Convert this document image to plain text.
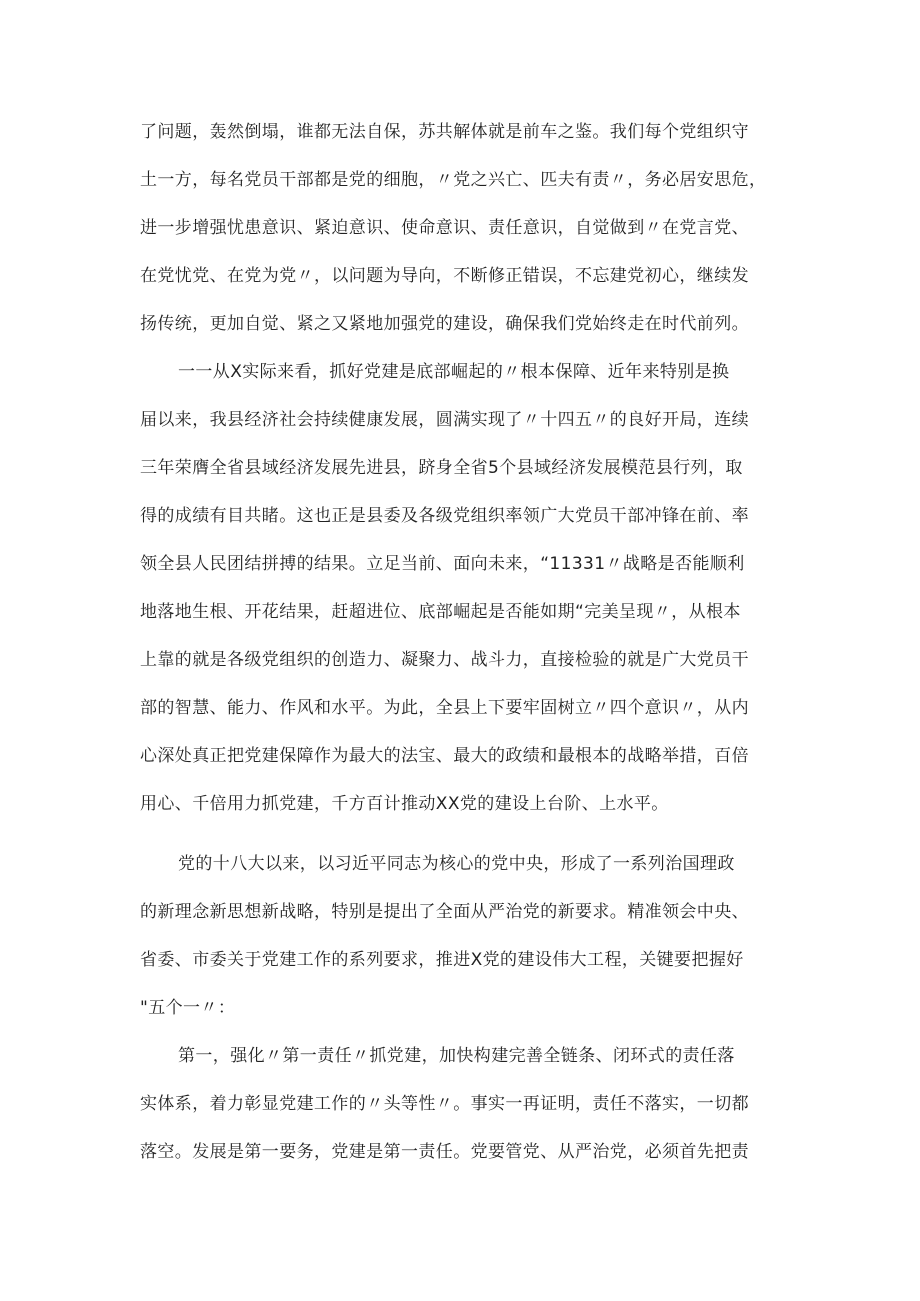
了问题，轰然倒塌，谁都无法自保，苏共解体就是前车之鉴。我们每个党组织守
土一方，每名党员干部都是党的细胞，〃党之兴亡、匹夫有责〃，务必居安思危，
进一步增强忧患意识、紧迫意识、使命意识、责任意识，自觉做到〃在党言党、
在党忧党、在党为党〃，以问题为导向，不断修正错误，不忘建党初心，继续发
扬传统，更加自觉、紧之又紧地加强党的建设，确保我们党始终走在时代前列。
一一从X实际来看，抓好党建是底部崛起的〃根本保障、近年来特别是换
届以来，我县经济社会持续健康发展，圆满实现了〃十四五〃的良好开局，连续
三年荣膺全省县域经济发展先进县，跻身全省5个县域经济发展模范县行列，取
得的成绩有目共睹。这也正是县委及各级党组织率领广大党员干部冲锋在前、率
领全县人民团结拼搏的结果。立足当前、面向未来，“11331〃战略是否能顺利
地落地生根、开花结果，赶超进位、底部崛起是否能如期“完美呈现〃，从根本
上靠的就是各级党组织的创造力、凝聚力、战斗力，直接检验的就是广大党员干
部的智慧、能力、作风和水平。为此，全县上下要牢固树立〃四个意识〃，从内
心深处真正把党建保障作为最大的法宝、最大的政绩和最根本的战略举措，百倍
用心、千倍用力抓党建，千方百计推动XX党的建设上台阶、上水平。
党的十八大以来，以习近平同志为核心的党中央，形成了一系列治国理政
的新理念新思想新战略，特别是提出了全面从严治党的新要求。精准领会中央、
省委、市委关于党建工作的系列要求，推进X党的建设伟大工程，关键要把握好
"五个一〃：
第一，强化〃第一责任〃抓党建，加快构建完善全链条、闭环式的责任落
实体系，着力彰显党建工作的〃头等性〃。事实一再证明，责任不落实，一切都
落空。发展是第一要务，党建是第一责任。党要管党、从严治党，必须首先把责
